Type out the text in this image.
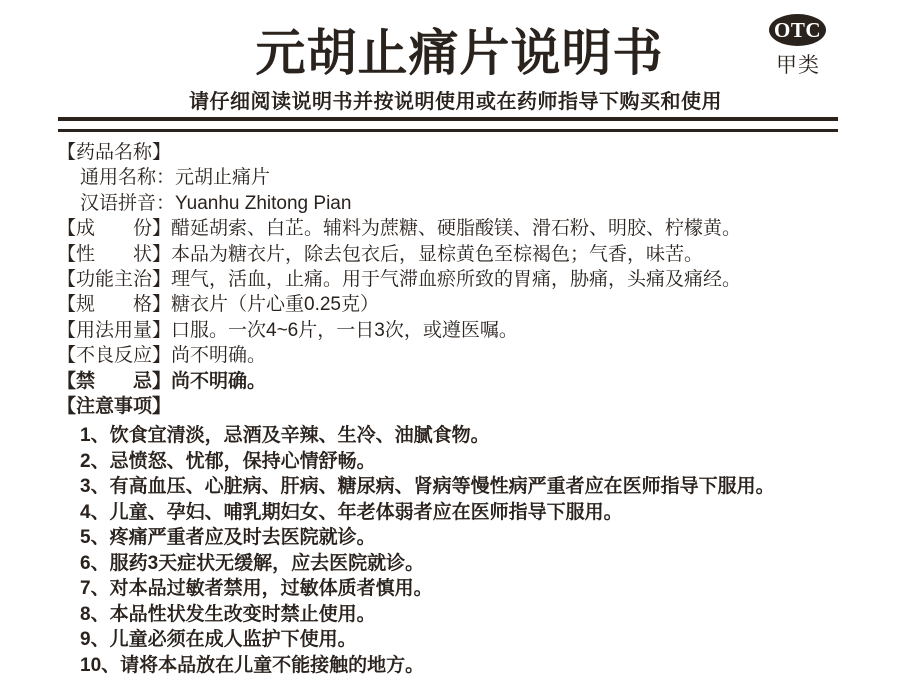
元胡止痛片说明书	OTC
甲类
请仔细阅读说明书并按说明使用或在药师指导下购买和使用
【药品名称】
通用名称：元胡止痛片
汉语拼音：Yuanhu Zhitong Pian
【成　　份】醋延胡索、白芷。辅料为蔗糖、硬脂酸镁、滑石粉、明胶、柠檬黄。
【性　　状】本品为糖衣片，除去包衣后，显棕黄色至棕褐色；气香，味苦。
【功能主治】理气，活血，止痛。用于气滞血瘀所致的胃痛，胁痛，头痛及痛经。
【规　　格】糖衣片（片心重0.25克）
【用法用量】口服。一次4~6片，一日3次，或遵医嘱。
【不良反应】尚不明确。
【禁　　忌】尚不明确。
【注意事项】
1、饮食宜清淡，忌酒及辛辣、生冷、油腻食物。
2、忌愤怒、忧郁，保持心情舒畅。
3、有高血压、心脏病、肝病、糖尿病、肾病等慢性病严重者应在医师指导下服用。
4、儿童、孕妇、哺乳期妇女、年老体弱者应在医师指导下服用。
5、疼痛严重者应及时去医院就诊。
6、服药3天症状无缓解，应去医院就诊。
7、对本品过敏者禁用，过敏体质者慎用。
8、本品性状发生改变时禁止使用。
9、儿童必须在成人监护下使用。
10、请将本品放在儿童不能接触的地方。
